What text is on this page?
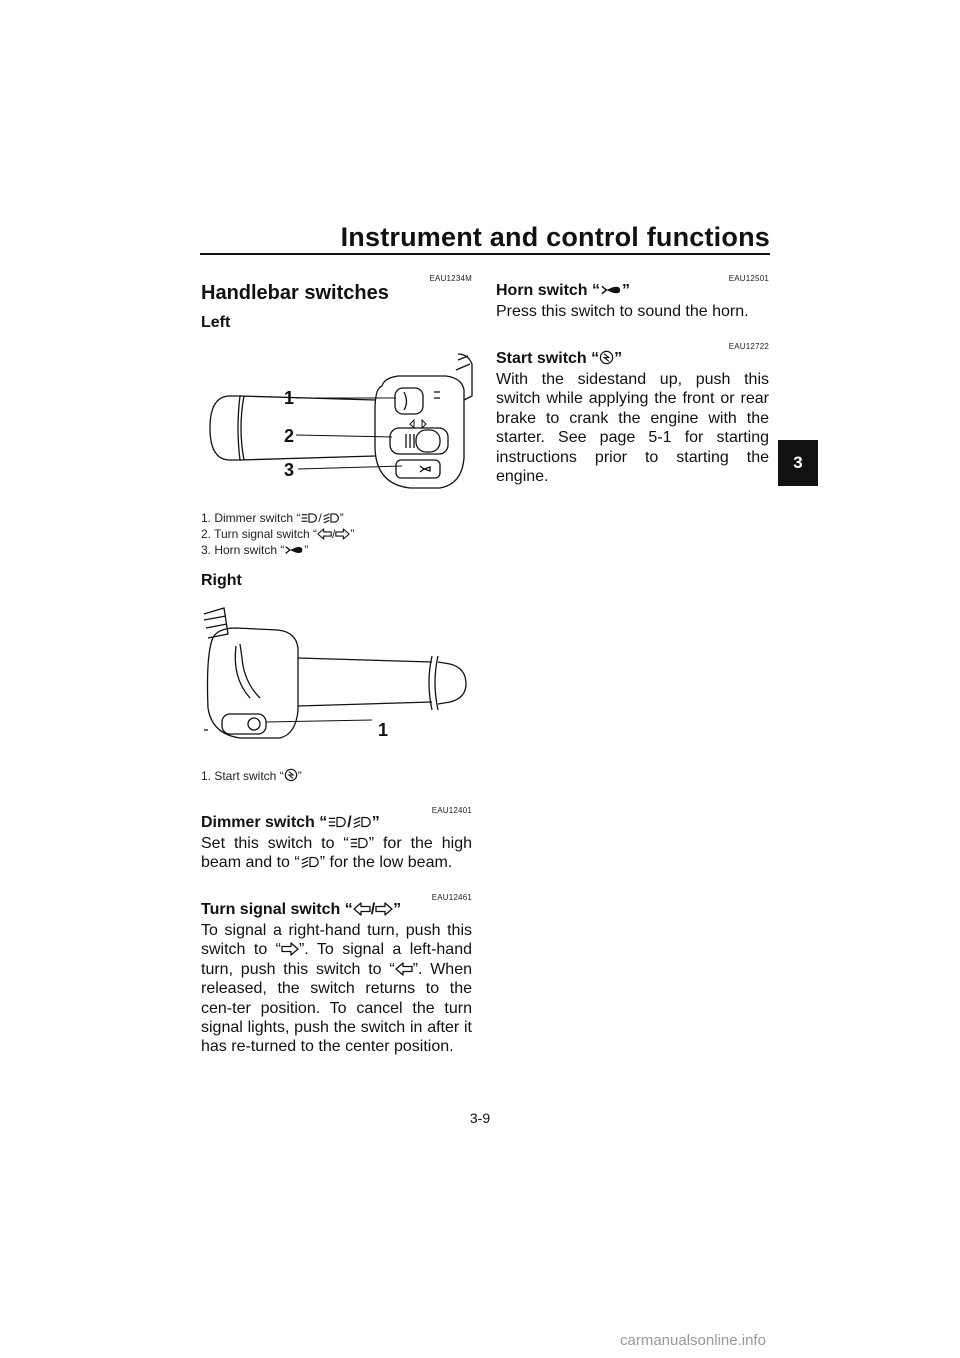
Instrument and control functions
3
EAU1234M
Handlebar switches
Left
1
2
3
1. Dimmer switch “ / ”
2. Turn signal switch “ / ”
3. Horn switch “ ”
Right
1
1. Start switch “ ”
EAU12401
Dimmer switch “ / ”
Set this switch to “ ” for the high beam and to “ ” for the low beam.
EAU12461
Turn signal switch “ / ”
To signal a right-hand turn, push this switch to “ ”. To signal a left-hand turn, push this switch to “ ”. When released, the switch returns to the cen-ter position. To cancel the turn signal lights, push the switch in after it has re-turned to the center position.
EAU12501
Horn switch “ ”
Press this switch to sound the horn.
EAU12722
Start switch “ ”
With the sidestand up, push this switch while applying the front or rear brake to crank the engine with the starter. See page 5-1 for starting instructions prior to starting the engine.
3-9
carmanualsonline.info
